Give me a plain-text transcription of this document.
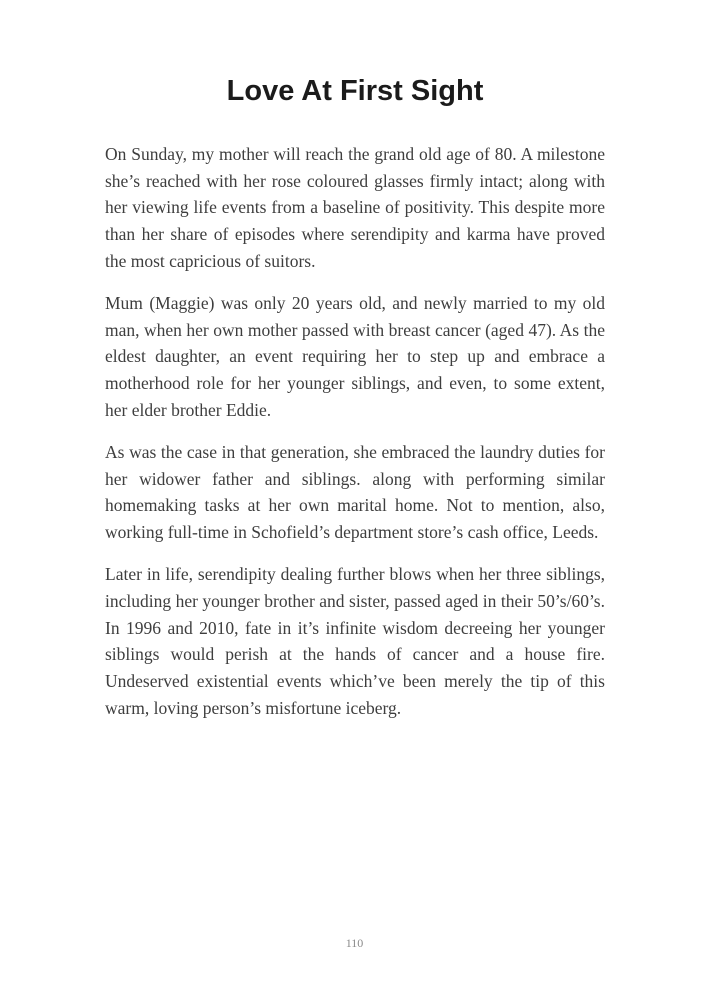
Love At First Sight

On Sunday, my mother will reach the grand old age of 80. A milestone she’s reached with her rose coloured glasses firmly intact; along with her viewing life events from a baseline of positivity. This despite more than her share of episodes where serendipity and karma have proved the most capricious of suitors.

Mum (Maggie) was only 20 years old, and newly married to my old man, when her own mother passed with breast cancer (aged 47). As the eldest daughter, an event requiring her to step up and embrace a motherhood role for her younger siblings, and even, to some extent, her elder brother Eddie.

As was the case in that generation, she embraced the laundry duties for her widower father and siblings. along with performing similar homemaking tasks at her own marital home. Not to mention, also, working full-time in Schofield’s department store’s cash office, Leeds.

Later in life, serendipity dealing further blows when her three siblings, including her younger brother and sister, passed aged in their 50’s/60’s. In 1996 and 2010, fate in it’s infinite wisdom decreeing her younger siblings would perish at the hands of cancer and a house fire. Undeserved existential events which’ve been merely the tip of this warm, loving person’s misfortune iceberg.

110
